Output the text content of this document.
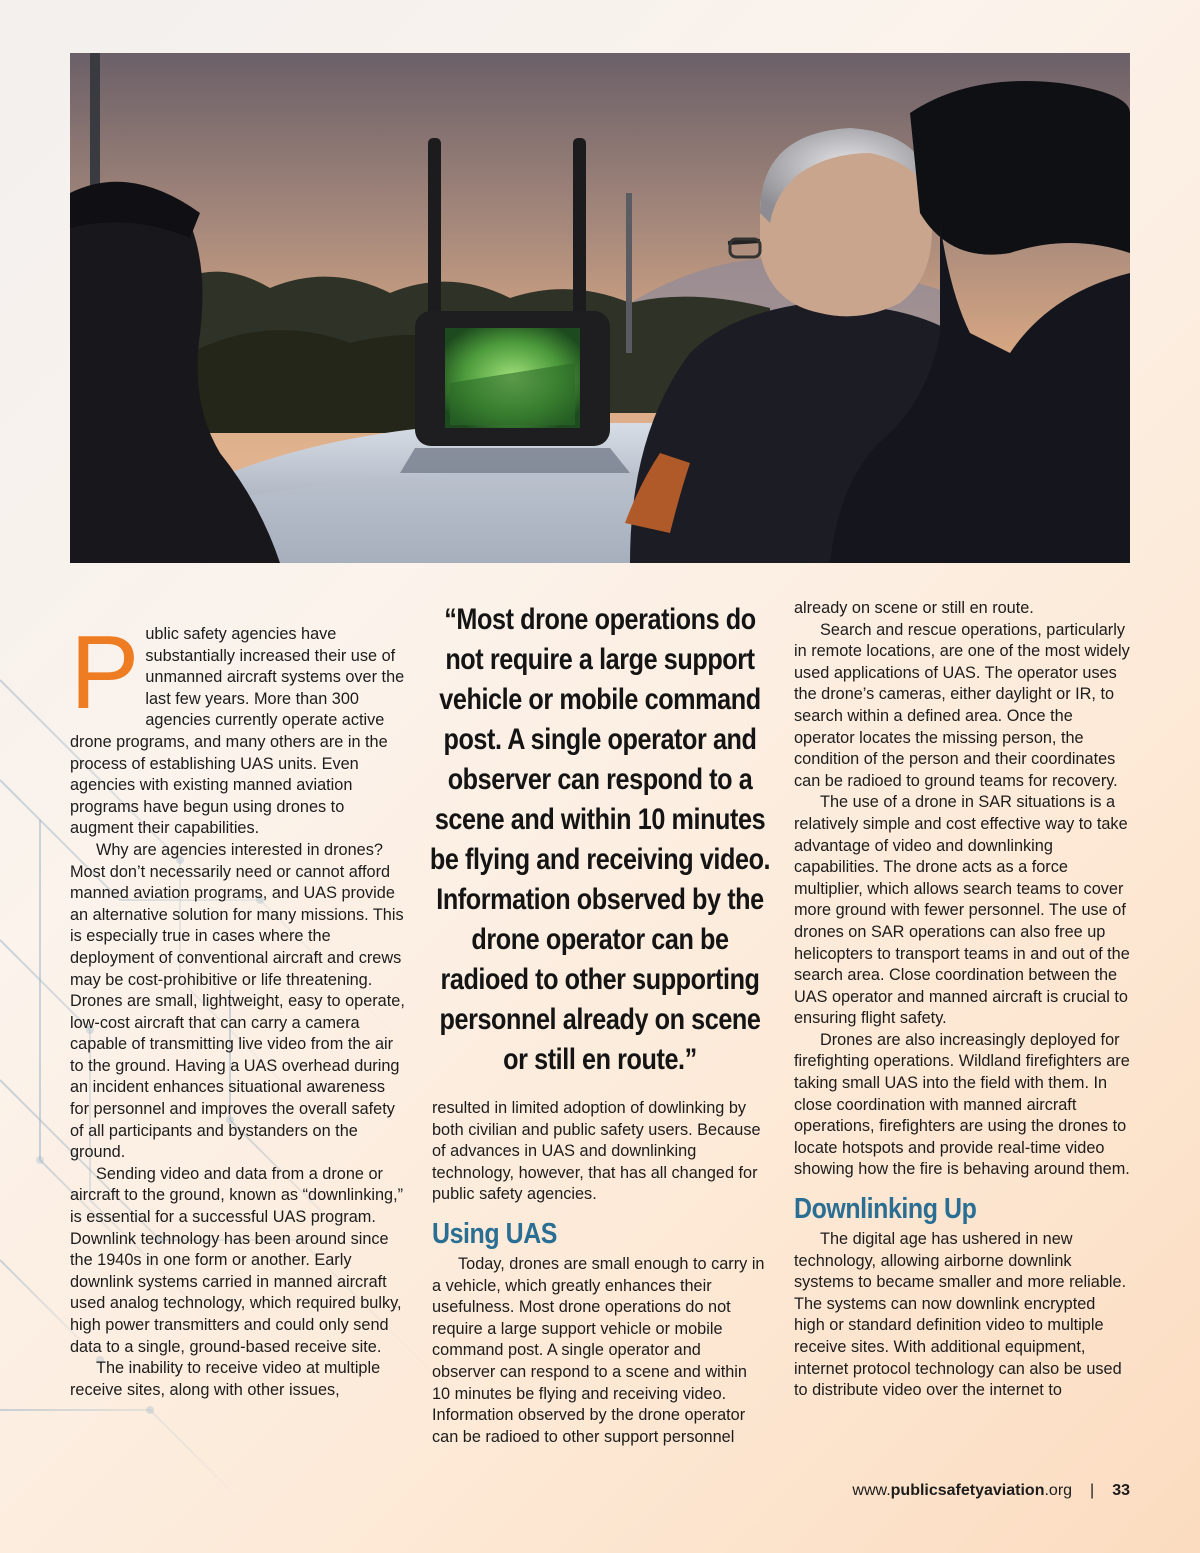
Public safety agencies have substantially increased their use of unmanned aircraft systems over the last few years. More than 300 agencies currently operate active drone programs, and many others are in the process of establishing UAS units. Even agencies with existing manned aviation programs have begun using drones to augment their capabilities.

Why are agencies interested in drones? Most don’t necessarily need or cannot afford manned aviation programs, and UAS provide an alternative solution for many missions. This is especially true in cases where the deployment of conventional aircraft and crews may be cost-prohibitive or life threatening. Drones are small, lightweight, easy to operate, low-cost aircraft that can carry a camera capable of transmitting live video from the air to the ground. Having a UAS overhead during an incident enhances situational awareness for personnel and improves the overall safety of all participants and bystanders on the ground.

Sending video and data from a drone or aircraft to the ground, known as “downlinking,” is essential for a successful UAS program. Downlink technology has been around since the 1940s in one form or another. Early downlink systems carried in manned aircraft used analog technology, which required bulky, high power transmitters and could only send data to a single, ground-based receive site.

The inability to receive video at multiple receive sites, along with other issues,

“Most drone operations do not require a large support vehicle or mobile command post. A single operator and observer can respond to a scene and within 10 minutes be flying and receiving video. Information observed by the drone operator can be radioed to other supporting personnel already on scene or still en route.”

resulted in limited adoption of dowlinking by both civilian and public safety users. Because of advances in UAS and downlinking technology, however, that has all changed for public safety agencies.

Using UAS

Today, drones are small enough to carry in a vehicle, which greatly enhances their usefulness. Most drone operations do not require a large support vehicle or mobile command post. A single operator and observer can respond to a scene and within 10 minutes be flying and receiving video. Information observed by the drone operator can be radioed to other support personnel

already on scene or still en route.

Search and rescue operations, particularly in remote locations, are one of the most widely used applications of UAS. The operator uses the drone’s cameras, either daylight or IR, to search within a defined area. Once the operator locates the missing person, the condition of the person and their coordinates can be radioed to ground teams for recovery.

The use of a drone in SAR situations is a relatively simple and cost effective way to take advantage of video and downlinking capabilities. The drone acts as a force multiplier, which allows search teams to cover more ground with fewer personnel. The use of drones on SAR operations can also free up helicopters to transport teams in and out of the search area. Close coordination between the UAS operator and manned aircraft is crucial to ensuring flight safety.

Drones are also increasingly deployed for firefighting operations. Wildland firefighters are taking small UAS into the field with them. In close coordination with manned aircraft operations, firefighters are using the drones to locate hotspots and provide real-time video showing how the fire is behaving around them.

Downlinking Up

The digital age has ushered in new technology, allowing airborne downlink systems to became smaller and more reliable. The systems can now downlink encrypted high or standard definition video to multiple receive sites. With additional equipment, internet protocol technology can also be used to distribute video over the internet to

www.publicsafetyaviation.org | 33
